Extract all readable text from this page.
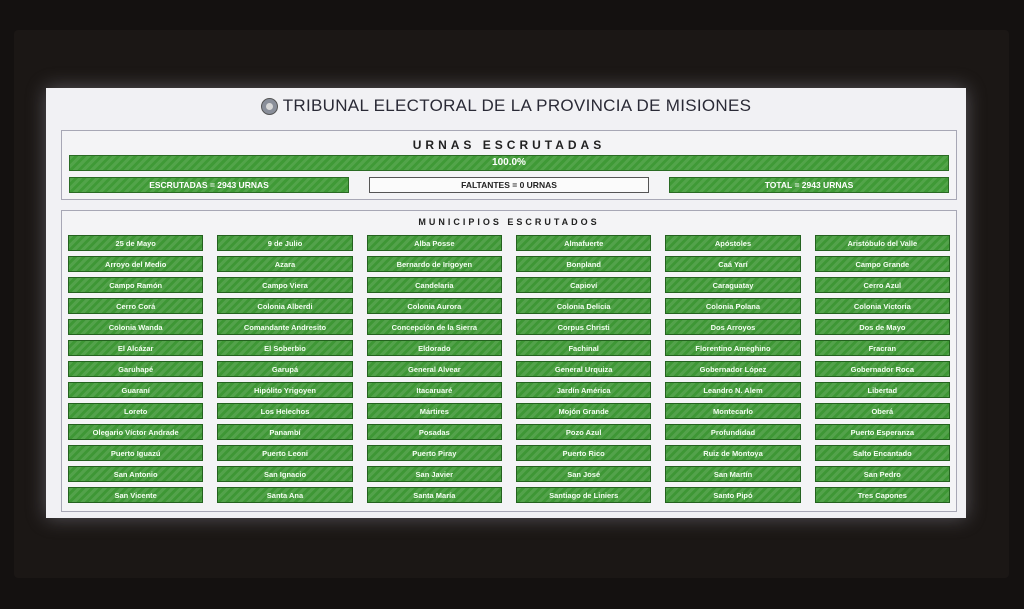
TRIBUNAL ELECTORAL DE LA PROVINCIA DE MISIONES
URNAS ESCRUTADAS
100.0%
ESCRUTADAS = 2943 URNAS	FALTANTES = 0 URNAS	TOTAL = 2943 URNAS
MUNICIPIOS ESCRUTADOS
25 de Mayo	9 de Julio	Alba Posse	Almafuerte	Apóstoles	Aristóbulo del Valle
Arroyo del Medio	Azara	Bernardo de Irigoyen	Bonpland	Caá Yarí	Campo Grande
Campo Ramón	Campo Viera	Candelaria	Capioví	Caraguatay	Cerro Azul
Cerro Corá	Colonia Alberdi	Colonia Aurora	Colonia Delicia	Colonia Polana	Colonia Victoria
Colonia Wanda	Comandante Andresito	Concepción de la Sierra	Corpus Christi	Dos Arroyos	Dos de Mayo
El Alcázar	El Soberbio	Eldorado	Fachinal	Florentino Ameghino	Fracran
Garuhapé	Garupá	General Alvear	General Urquiza	Gobernador López	Gobernador Roca
Guaraní	Hipólito Yrigoyen	Itacaruaré	Jardín América	Leandro N. Alem	Libertad
Loreto	Los Helechos	Mártires	Mojón Grande	Montecarlo	Oberá
Olegario Víctor Andrade	Panambí	Posadas	Pozo Azul	Profundidad	Puerto Esperanza
Puerto Iguazú	Puerto Leoni	Puerto Piray	Puerto Rico	Ruiz de Montoya	Salto Encantado
San Antonio	San Ignacio	San Javier	San José	San Martín	San Pedro
San Vicente	Santa Ana	Santa María	Santiago de Liniers	Santo Pipó	Tres Capones
